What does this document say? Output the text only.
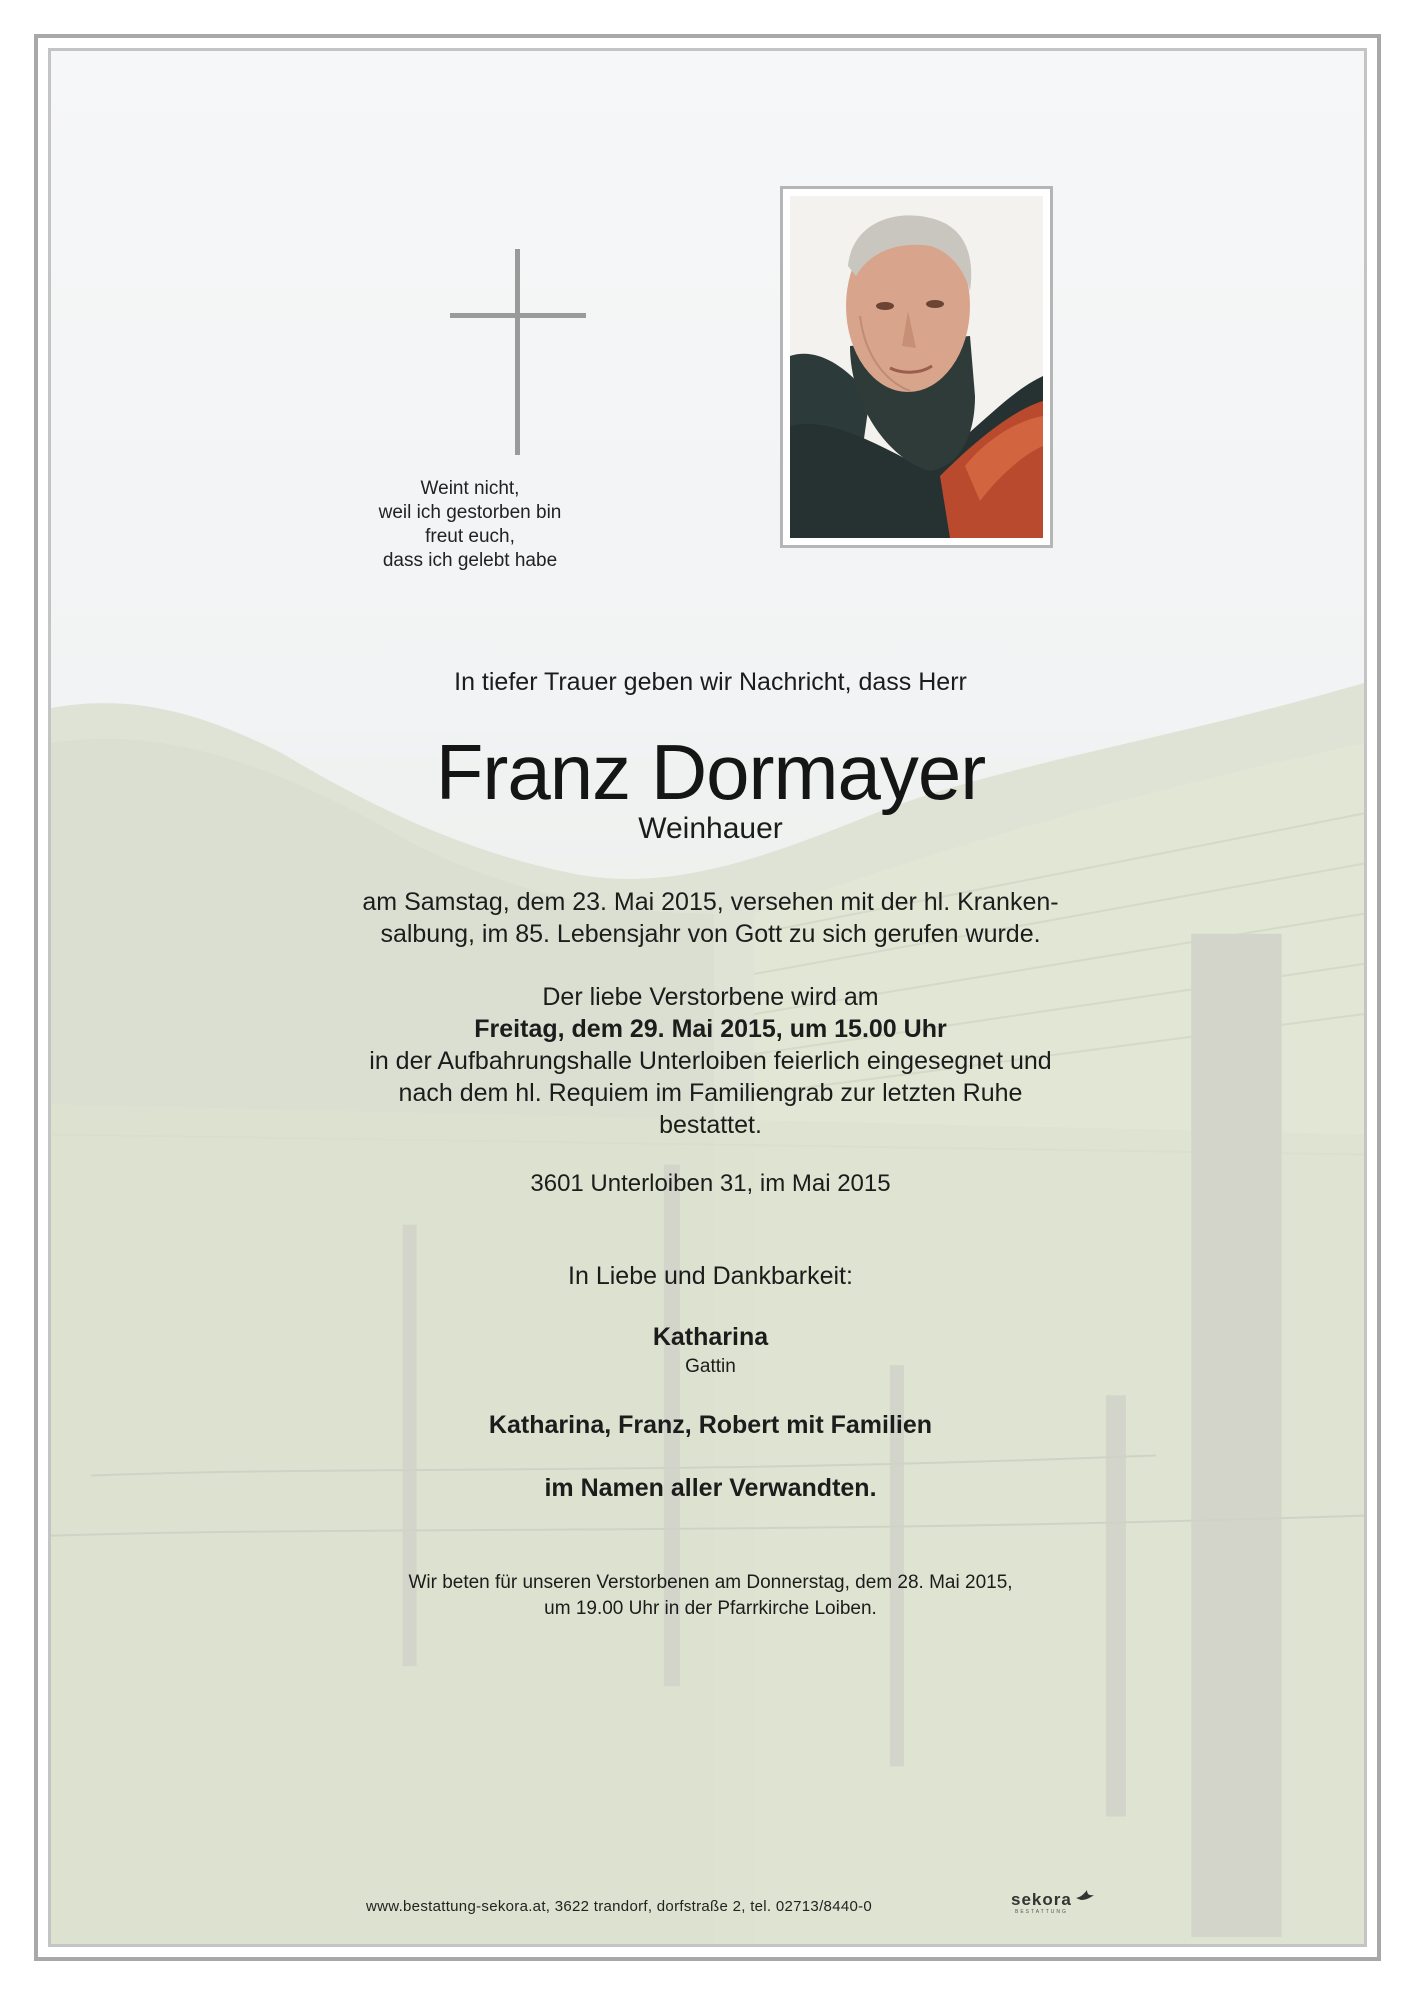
Weint nicht,
weil ich gestorben bin
freut euch,
dass ich gelebt habe
In tiefer Trauer geben wir Nachricht, dass Herr
Franz Dormayer
Weinhauer
am Samstag, dem 23. Mai 2015, versehen mit der hl. Kranken-
salbung, im 85. Lebensjahr von Gott zu sich gerufen wurde.
Der liebe Verstorbene wird am
Freitag, dem 29. Mai 2015, um 15.00 Uhr
in der Aufbahrungshalle Unterloiben feierlich eingesegnet und
nach dem hl. Requiem im Familiengrab zur letzten Ruhe
bestattet.
3601 Unterloiben 31, im Mai 2015
In Liebe und Dankbarkeit:
Katharina
Gattin
Katharina, Franz, Robert mit Familien
im Namen aller Verwandten.
Wir beten für unseren Verstorbenen am Donnerstag, dem 28. Mai 2015,
um 19.00 Uhr in der Pfarrkirche Loiben.
www.bestattung-sekora.at, 3622 trandorf, dorfstraße 2, tel. 02713/8440-0	sekora
BESTATTUNG
